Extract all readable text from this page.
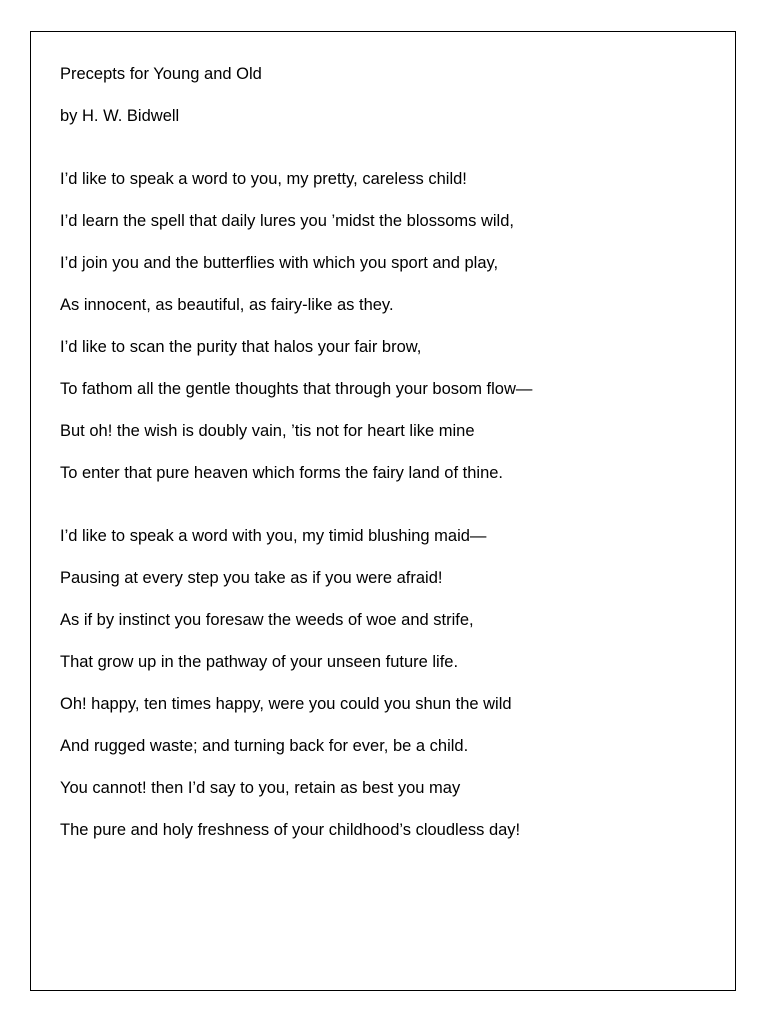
Precepts for Young and Old

by H. W. Bidwell

I’d like to speak a word to you, my pretty, careless child!

I’d learn the spell that daily lures you ’midst the blossoms wild,

I’d join you and the butterflies with which you sport and play,

As innocent, as beautiful, as fairy-like as they.

I’d like to scan the purity that halos your fair brow,

To fathom all the gentle thoughts that through your bosom flow—

But oh! the wish is doubly vain, ’tis not for heart like mine

To enter that pure heaven which forms the fairy land of thine.

I’d like to speak a word with you, my timid blushing maid—

Pausing at every step you take as if you were afraid!

As if by instinct you foresaw the weeds of woe and strife,

That grow up in the pathway of your unseen future life.

Oh! happy, ten times happy, were you could you shun the wild

And rugged waste; and turning back for ever, be a child.

You cannot! then I’d say to you, retain as best you may

The pure and holy freshness of your childhood’s cloudless day!
